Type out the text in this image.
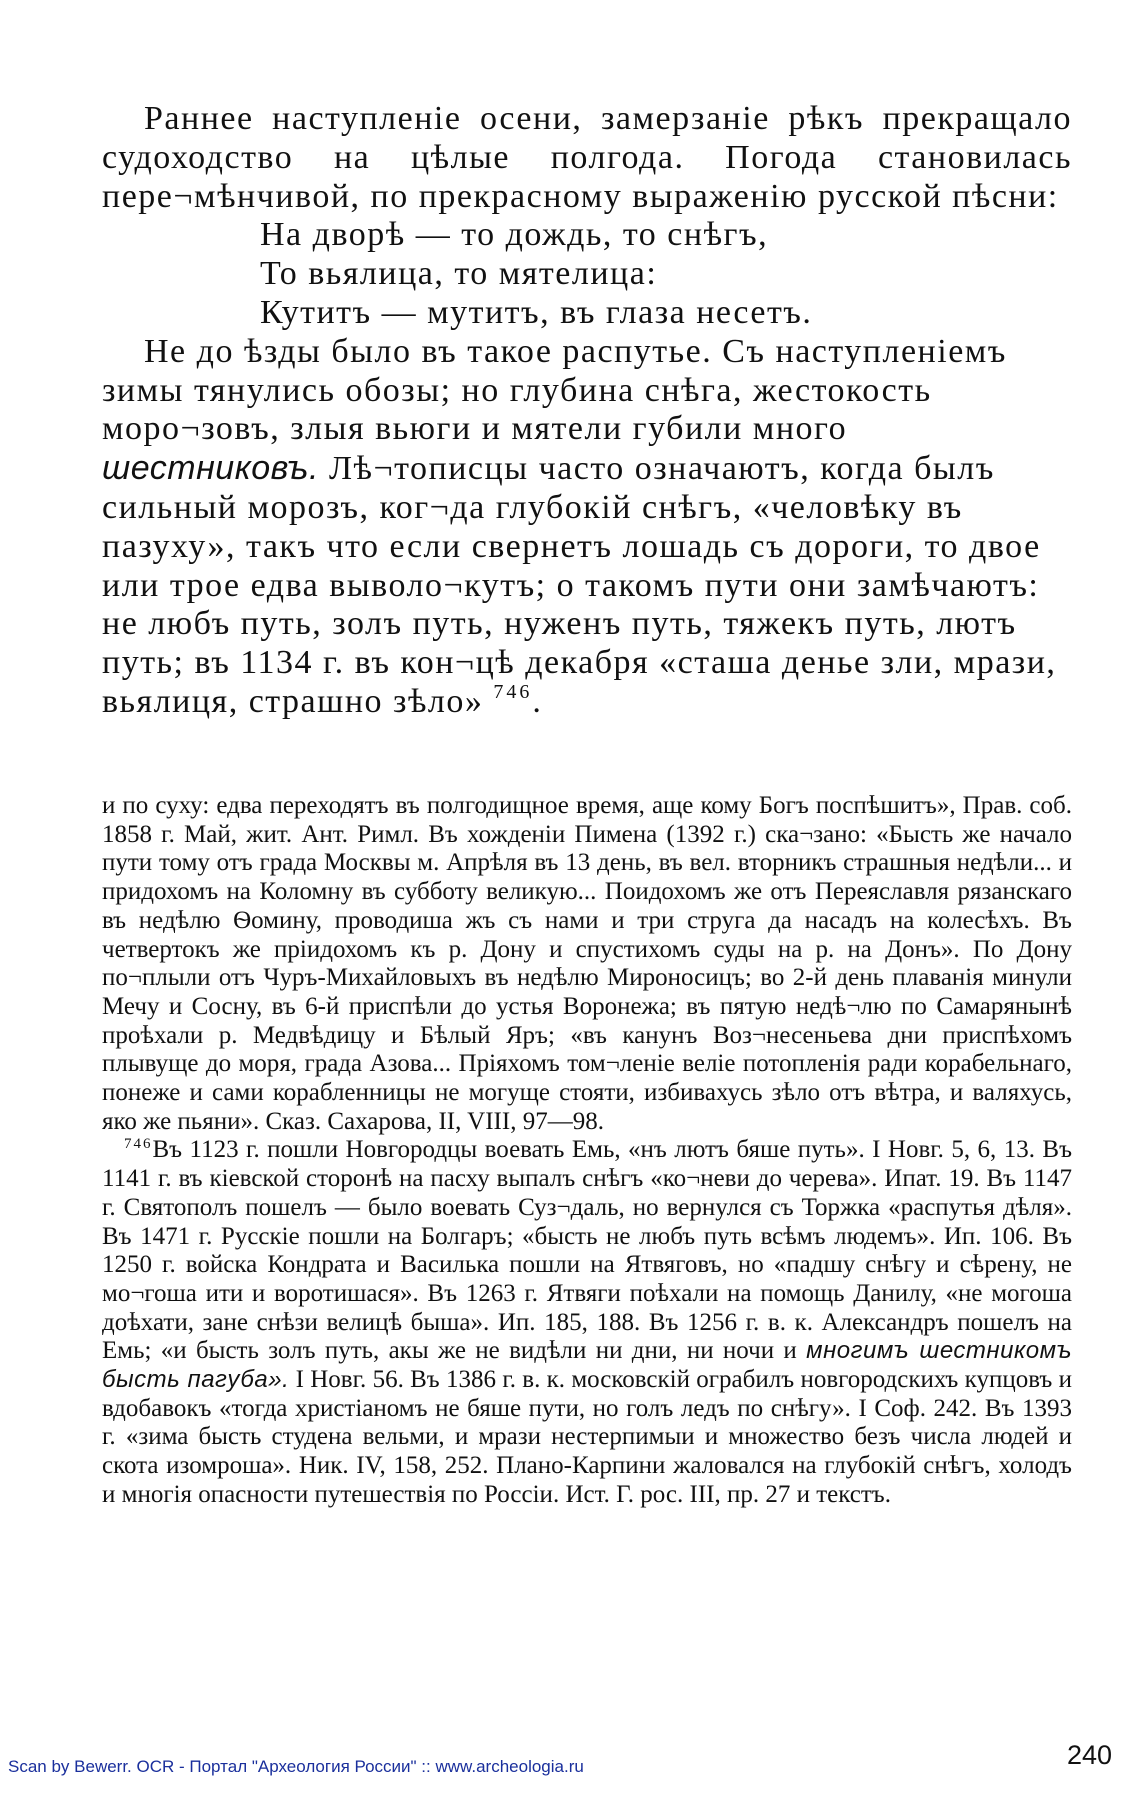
Раннее наступленіе осени, замерзаніе рѣкъ прекращало судоходство на цѣлые полгода. Погода становилась пере¬мѣнчивой, по прекрасному выраженію русской пѣсни:

На дворѣ — то дождь, то снѣгъ,
То вьялица, то мятелица:
Кутитъ — мутитъ, въ глаза несетъ.

Не до ѣзды было въ такое распутье. Съ наступленіемъ зимы тянулись обозы; но глубина снѣга, жестокость моро¬зовъ, злыя вьюги и мятели губили много шестниковъ. Лѣ¬тописцы часто означаютъ, когда былъ сильный морозъ, ког¬да глубокій снѣгъ, «человѣку въ пазуху», такъ что если свернетъ лошадь съ дороги, то двое или трое едва выволо¬кутъ; о такомъ пути они замѣчаютъ: не любъ путь, золъ путь, нуженъ путь, тяжекъ путь, лютъ путь; въ 1134 г. въ кон¬цѣ декабря «сташа денье зли, мрази, вьялиця, страшно зѣло» $^{746}$.

и по суху: едва переходятъ въ полгодищное время, аще кому Богъ поспѣшитъ», Прав. соб. 1858 г. Май, жит. Ант. Римл. Въ хожденіи Пимена (1392 г.) ска¬зано: «Бысть же начало пути тому отъ града Москвы м. Апрѣля въ 13 день, въ вел. вторникъ страшныя недѣли... и придохомъ на Коломну въ субботу великую... Поидохомъ же отъ Переяславля рязанскаго въ недѣлю Ѳомину, проводиша жъ съ нами и три струга да насадъ на колесѣхъ. Въ четвертокъ же пріидохомъ къ р. Дону и спустихомъ суды на р. на Донъ». По Дону по¬плыли отъ Чуръ-Михайловыхъ въ недѣлю Мироносицъ; во 2-й день плаванія минули Мечу и Сосну, въ 6-й приспѣли до устья Воронежа; въ пятую недѣ¬лю по Самарянынѣ проѣхали р. Медвѣдицу и Бѣлый Яръ; «въ канунъ Воз¬несеньева дни приспѣхомъ плывуще до моря, града Азова... Пріяхомъ том¬леніе веліе потопленія ради корабельнаго, понеже и сами корабленницы не могуще стояти, избивахусь зѣло отъ вѣтра, и валяхусь, яко же пьяни». Сказ. Сахарова, II, VIII, 97—98.

$^{746}$Въ 1123 г. пошли Новгородцы воевать Емь, «нъ лютъ бяше путь». I Новг. 5, 6, 13. Въ 1141 г. въ кіевской сторонѣ на пасху выпалъ снѣгъ «ко¬неви до черева». Ипат. 19. Въ 1147 г. Святополъ пошелъ — было воевать Суз¬даль, но вернулся съ Торжка «распутья дѣля». Въ 1471 г. Русскіе пошли на Болгаръ; «бысть не любъ путь всѣмъ людемъ». Ип. 106. Въ 1250 г. войска Кондрата и Василька пошли на Ятвяговъ, но «падшу снѣгу и сѣрену, не мо¬гоша ити и воротишася». Въ 1263 г. Ятвяги поѣхали на помощь Данилу, «не могоша доѣхати, зане снѣзи велицѣ быша». Ип. 185, 188. Въ 1256 г. в. к. Александръ пошелъ на Емь; «и бысть золъ путь, акы же не видѣли ни дни, ни ночи и многимъ шестникомъ бысть пагуба». I Новг. 56. Въ 1386 г. в. к. московскій ограбилъ новгородскихъ купцовъ и вдобавокъ «тогда христіаномъ не бяше пути, но голъ ледъ по снѣгу». I Соф. 242. Въ 1393 г. «зима бысть студена вельми, и мрази нестерпимыи и множество безъ числа людей и скота изомроша». Ник. IV, 158, 252. Плано-Карпини жаловался на глубокій снѣгъ, холодъ и многія опасности путешествія по Россіи. Ист. Г. рос. III, пр. 27 и текстъ.

Scan by Bewerr. OCR - Портал "Археология России" :: www.archeologia.ru	240
